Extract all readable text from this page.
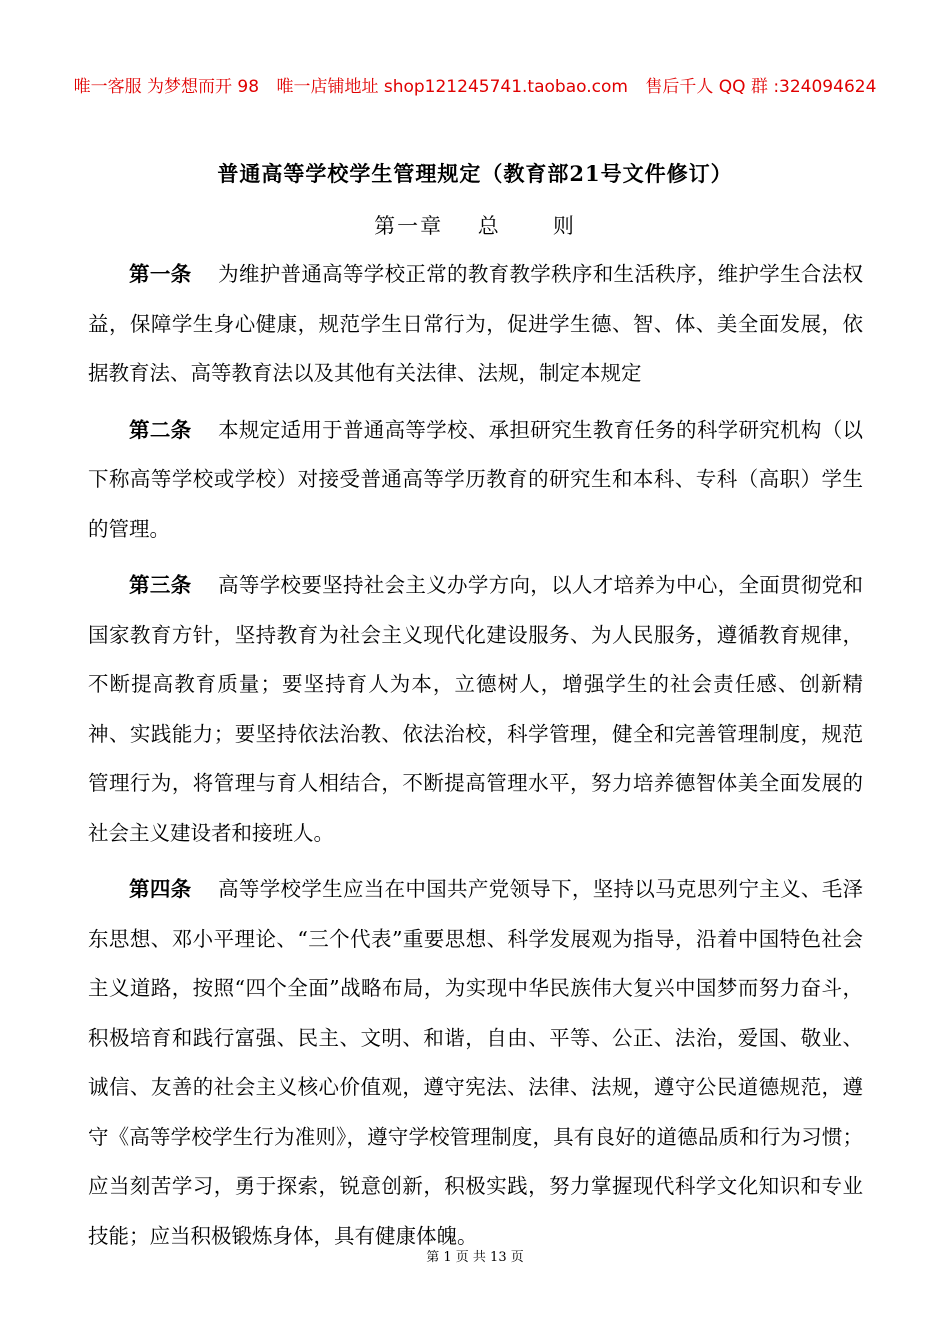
唯一客服 为梦想而开 98 唯一店铺地址 shop121245741.taobao.com 售后千人 QQ 群 :324094624
普通高等学校学生管理规定（教育部21号文件修订）
第一章    总      则

第一条 为维护普通高等学校正常的教育教学秩序和生活秩序，维护学生合法权益，保障学生身心健康，规范学生日常行为，促进学生德、智、体、美全面发展，依据教育法、高等教育法以及其他有关法律、法规，制定本规定

第二条 本规定适用于普通高等学校、承担研究生教育任务的科学研究机构（以下称高等学校或学校）对接受普通高等学历教育的研究生和本科、专科（高职）学生的管理。

第三条 高等学校要坚持社会主义办学方向，以人才培养为中心，全面贯彻党和国家教育方针，坚持教育为社会主义现代化建设服务、为人民服务，遵循教育规律，不断提高教育质量；要坚持育人为本，立德树人，增强学生的社会责任感、创新精神、实践能力；要坚持依法治教、依法治校，科学管理，健全和完善管理制度，规范管理行为，将管理与育人相结合，不断提高管理水平，努力培养德智体美全面发展的社会主义建设者和接班人。

第四条 高等学校学生应当在中国共产党领导下，坚持以马克思列宁主义、毛泽东思想、邓小平理论、“三个代表”重要思想、科学发展观为指导，沿着中国特色社会主义道路，按照“四个全面”战略布局，为实现中华民族伟大复兴中国梦而努力奋斗，积极培育和践行富强、民主、文明、和谐，自由、平等、公正、法治，爱国、敬业、诚信、友善的社会主义核心价值观，遵守宪法、法律、法规，遵守公民道德规范，遵守《高等学校学生行为准则》，遵守学校管理制度，具有良好的道德品质和行为习惯；应当刻苦学习，勇于探索，锐意创新，积极实践，努力掌握现代科学文化知识和专业技能；应当积极锻炼身体，具有健康体魄。

第 1 页 共 13 页
